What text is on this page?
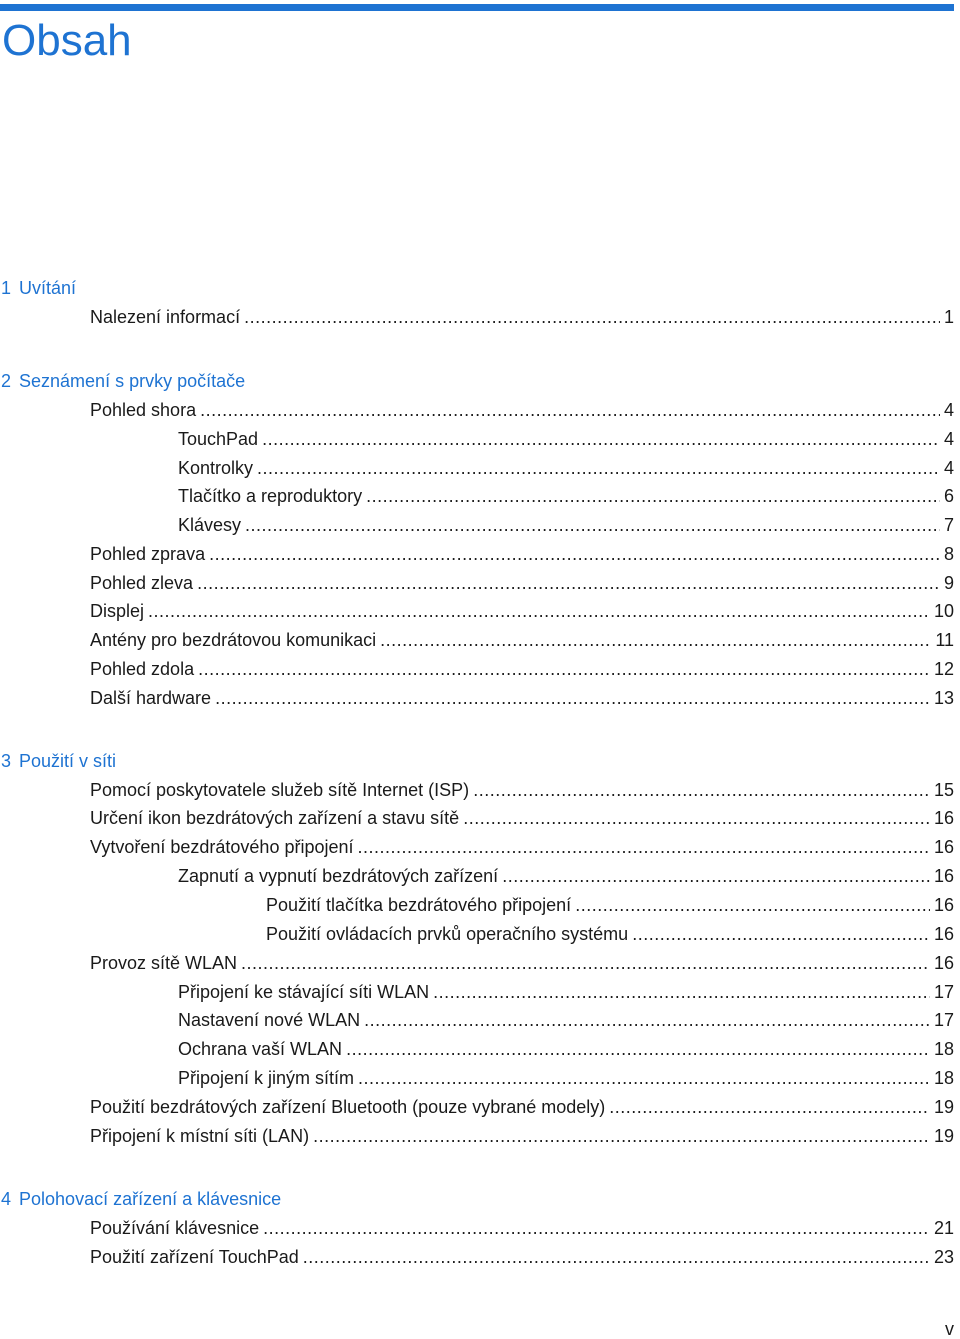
Obsah
1 Uvítání
Nalezení informací .....	1
2 Seznámení s prvky počítače
Pohled shora .....	4
TouchPad .....	4
Kontrolky .....	4
Tlačítko a reproduktory .....	6
Klávesy .....	7
Pohled zprava .....	8
Pohled zleva .....	9
Displej .....	10
Antény pro bezdrátovou komunikaci .....	11
Pohled zdola .....	12
Další hardware .....	13
3 Použití v síti
Pomocí poskytovatele služeb sítě Internet (ISP) .....	15
Určení ikon bezdrátových zařízení a stavu sítě .....	16
Vytvoření bezdrátového připojení .....	16
Zapnutí a vypnutí bezdrátových zařízení .....	16
Použití tlačítka bezdrátového připojení .....	16
Použití ovládacích prvků operačního systému .....	16
Provoz sítě WLAN .....	16
Připojení ke stávající síti WLAN .....	17
Nastavení nové WLAN .....	17
Ochrana vaší WLAN .....	18
Připojení k jiným sítím .....	18
Použití bezdrátových zařízení Bluetooth (pouze vybrané modely) .....	19
Připojení k místní síti (LAN) .....	19
4 Polohovací zařízení a klávesnice
Používání klávesnice .....	21
Použití zařízení TouchPad .....	23
v
